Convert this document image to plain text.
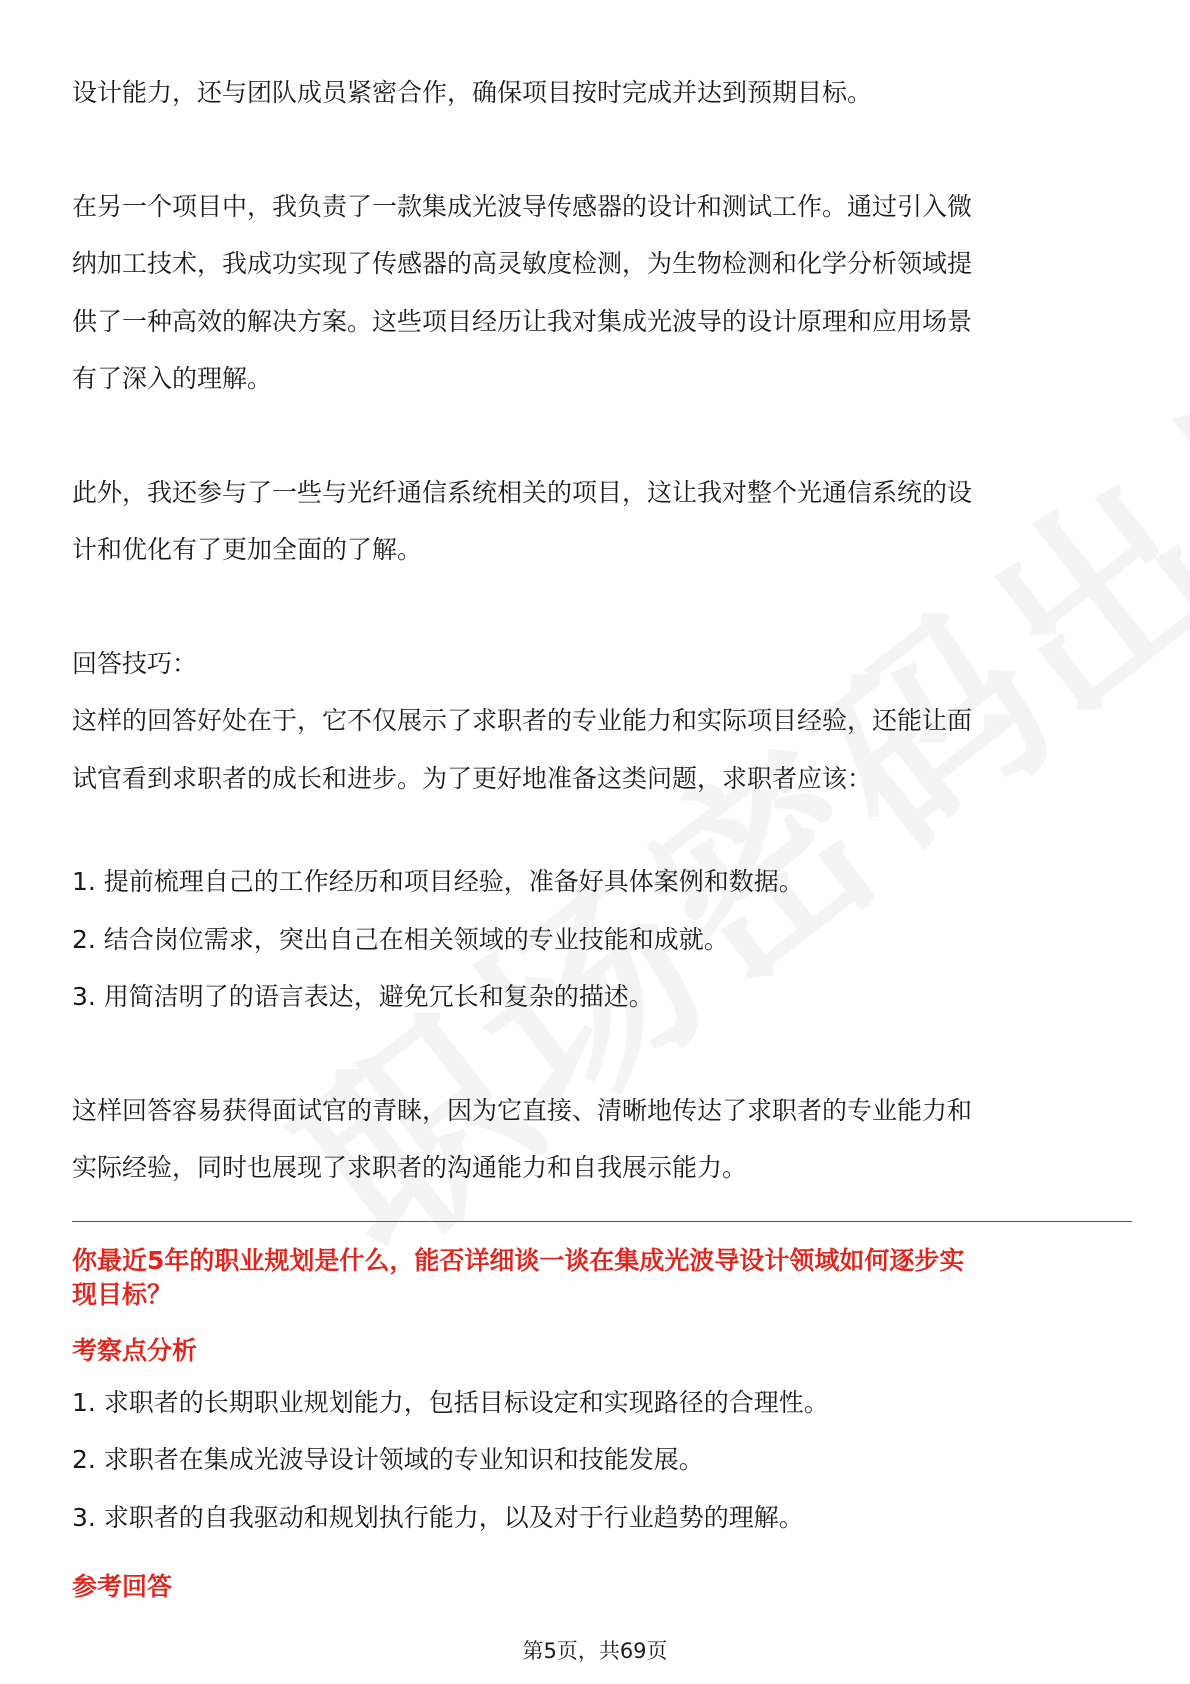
设计能力，还与团队成员紧密合作，确保项目按时完成并达到预期目标。

在另一个项目中，我负责了一款集成光波导传感器的设计和测试工作。通过引入微

纳加工技术，我成功实现了传感器的高灵敏度检测，为生物检测和化学分析领域提

供了一种高效的解决方案。这些项目经历让我对集成光波导的设计原理和应用场景

有了深入的理解。

此外，我还参与了一些与光纤通信系统相关的项目，这让我对整个光通信系统的设

计和优化有了更加全面的了解。

回答技巧：

这样的回答好处在于，它不仅展示了求职者的专业能力和实际项目经验，还能让面

试官看到求职者的成长和进步。为了更好地准备这类问题，求职者应该：

1. 提前梳理自己的工作经历和项目经验，准备好具体案例和数据。

2. 结合岗位需求，突出自己在相关领域的专业技能和成就。

3. 用简洁明了的语言表达，避免冗长和复杂的描述。

这样回答容易获得面试官的青睐，因为它直接、清晰地传达了求职者的专业能力和

实际经验，同时也展现了求职者的沟通能力和自我展示能力。

你最近5年的职业规划是什么，能否详细谈一谈在集成光波导设计领域如何逐步实

现目标？

考察点分析

1. 求职者的长期职业规划能力，包括目标设定和实现路径的合理性。

2. 求职者在集成光波导设计领域的专业知识和技能发展。

3. 求职者的自我驱动和规划执行能力，以及对于行业趋势的理解。

参考回答

第5页，共69页
